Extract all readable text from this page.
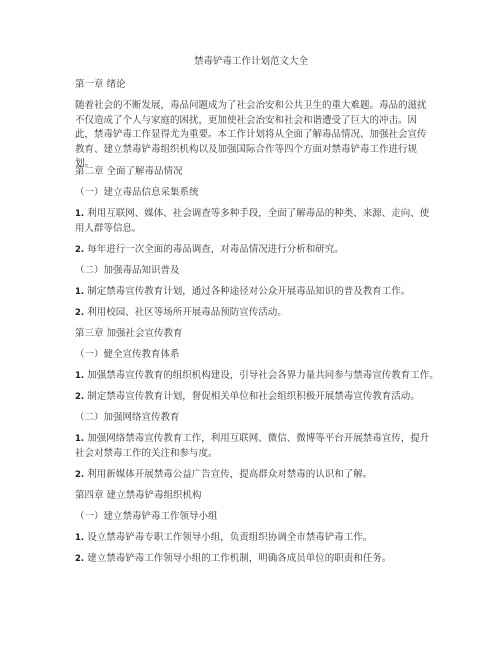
禁毒铲毒工作计划范文大全
第一章 绪论
随着社会的不断发展，毒品问题成为了社会治安和公共卫生的重大难题。毒品的滋扰不仅造成了个人与家庭的困扰，更加使社会治安和社会和谐遭受了巨大的冲击。因此，禁毒铲毒工作显得尤为重要。本工作计划将从全面了解毒品情况、加强社会宣传教育、建立禁毒铲毒组织机构以及加强国际合作等四个方面对禁毒铲毒工作进行规划。
第二章 全面了解毒品情况
（一）建立毒品信息采集系统
1. 利用互联网、媒体、社会调查等多种手段，全面了解毒品的种类、来源、走向、使用人群等信息。
2. 每年进行一次全面的毒品调查，对毒品情况进行分析和研究。
（二）加强毒品知识普及
1. 制定禁毒宣传教育计划，通过各种途径对公众开展毒品知识的普及教育工作。
2. 利用校园、社区等场所开展毒品预防宣传活动。
第三章 加强社会宣传教育
（一）健全宣传教育体系
1. 加强禁毒宣传教育的组织机构建设，引导社会各界力量共同参与禁毒宣传教育工作。
2. 制定禁毒宣传教育计划，督促相关单位和社会组织积极开展禁毒宣传教育活动。
（二）加强网络宣传教育
1. 加强网络禁毒宣传教育工作，利用互联网、微信、微博等平台开展禁毒宣传，提升社会对禁毒工作的关注和参与度。
2. 利用新媒体开展禁毒公益广告宣传，提高群众对禁毒的认识和了解。
第四章 建立禁毒铲毒组织机构
（一）建立禁毒铲毒工作领导小组
1. 设立禁毒铲毒专职工作领导小组，负责组织协调全市禁毒铲毒工作。
2. 建立禁毒铲毒工作领导小组的工作机制，明确各成员单位的职责和任务。
